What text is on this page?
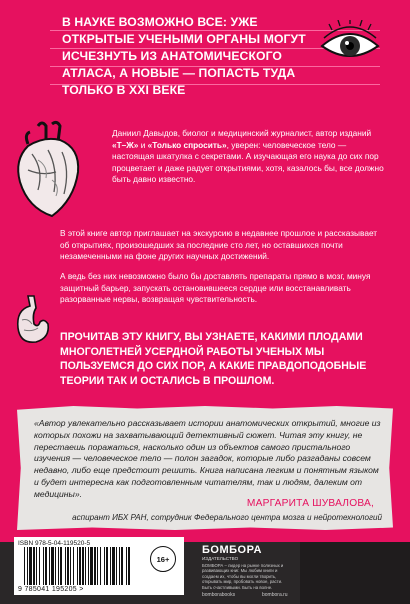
В НАУКЕ ВОЗМОЖНО ВСЕ: УЖЕ ОТКРЫТЫЕ УЧЕНЫМИ ОРГАНЫ МОГУТ ИСЧЕЗНУТЬ ИЗ АНАТОМИЧЕСКОГО АТЛАСА, А НОВЫЕ — ПОПАСТЬ ТУДА ТОЛЬКО В XXI ВЕКЕ
Даниил Давыдов, биолог и медицинский журналист, автор изданий «Т–Ж» и «Только спросить», уверен: человеческое тело — настоящая шкатулка с секретами. А изучающая его наука до сих пор процветает и даже радует открытиями, хотя, казалось бы, все должно быть давно известно.
В этой книге автор приглашает на экскурсию в недавнее прошлое и рассказывает об открытиях, произошедших за последние сто лет, но оставшихся почти незамеченными на фоне других научных достижений.
А ведь без них невозможно было бы доставлять препараты прямо в мозг, минуя защитный барьер, запускать остановившееся сердце или восстанавливать разорванные нервы, возвращая чувствительность.
ПРОЧИТАВ ЭТУ КНИГУ, ВЫ УЗНАЕТЕ, КАКИМИ ПЛОДАМИ МНОГОЛЕТНЕЙ УСЕРДНОЙ РАБОТЫ УЧЕНЫХ МЫ ПОЛЬЗУЕМСЯ ДО СИХ ПОР, А КАКИЕ ПРАВДОПОДОБНЫЕ ТЕОРИИ ТАК И ОСТАЛИСЬ В ПРОШЛОМ.
«Автор увлекательно рассказывает истории анатомических открытий, многие из которых похожи на захватывающий детективный сюжет. Читая эту книгу, не перестаешь поражаться, насколько один из объектов самого пристального изучения — человеческое тело — полон загадок, которые либо разгаданы совсем недавно, либо еще предстоит решить. Книга написана легким и понятным языком и будет интересна как подготовленным читателям, так и людям, далеким от медицины».
МАРГАРИТА ШУВАЛОВА,
аспирант ИБХ РАН, сотрудник Федерального центра мозга и нейротехнологий
ISBN 978-5-04-119520-5
9 785041 195205 >
16+
БОМБОРА
ИЗДАТЕЛЬСТВО
БОМБОРА – лидер на рынке полезных и развивающих книг. Мы любим книги и создаем их, чтобы вы могли творить, открывать мир, пробовать новое, расти. Быть счастливыми. Быть на волне.
bomborabooks	bombora.ru
